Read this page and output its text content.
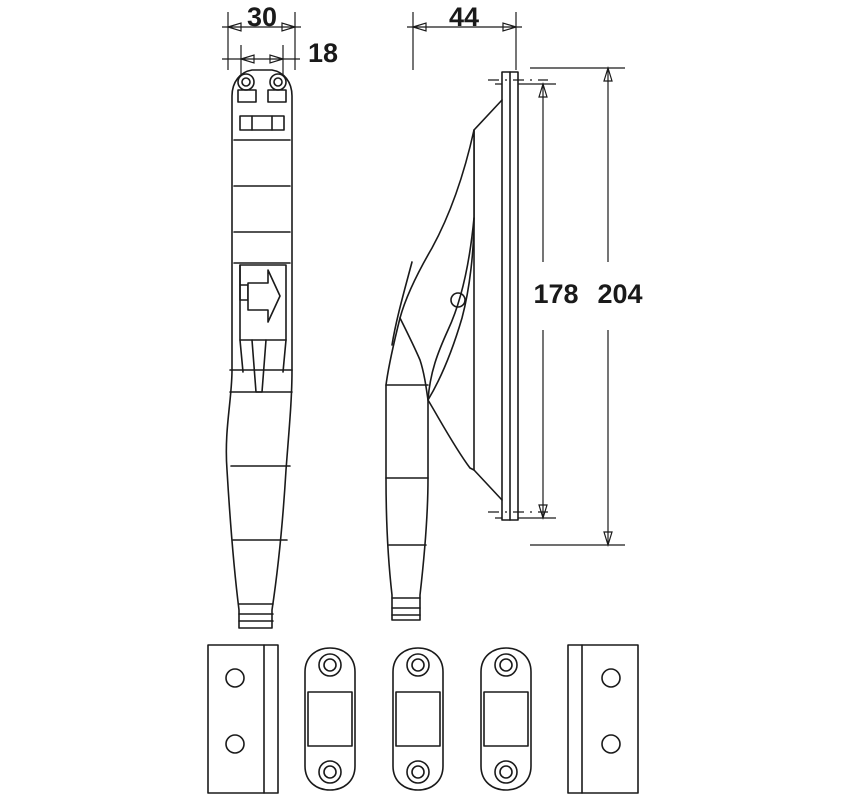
30
18
44
178 204
